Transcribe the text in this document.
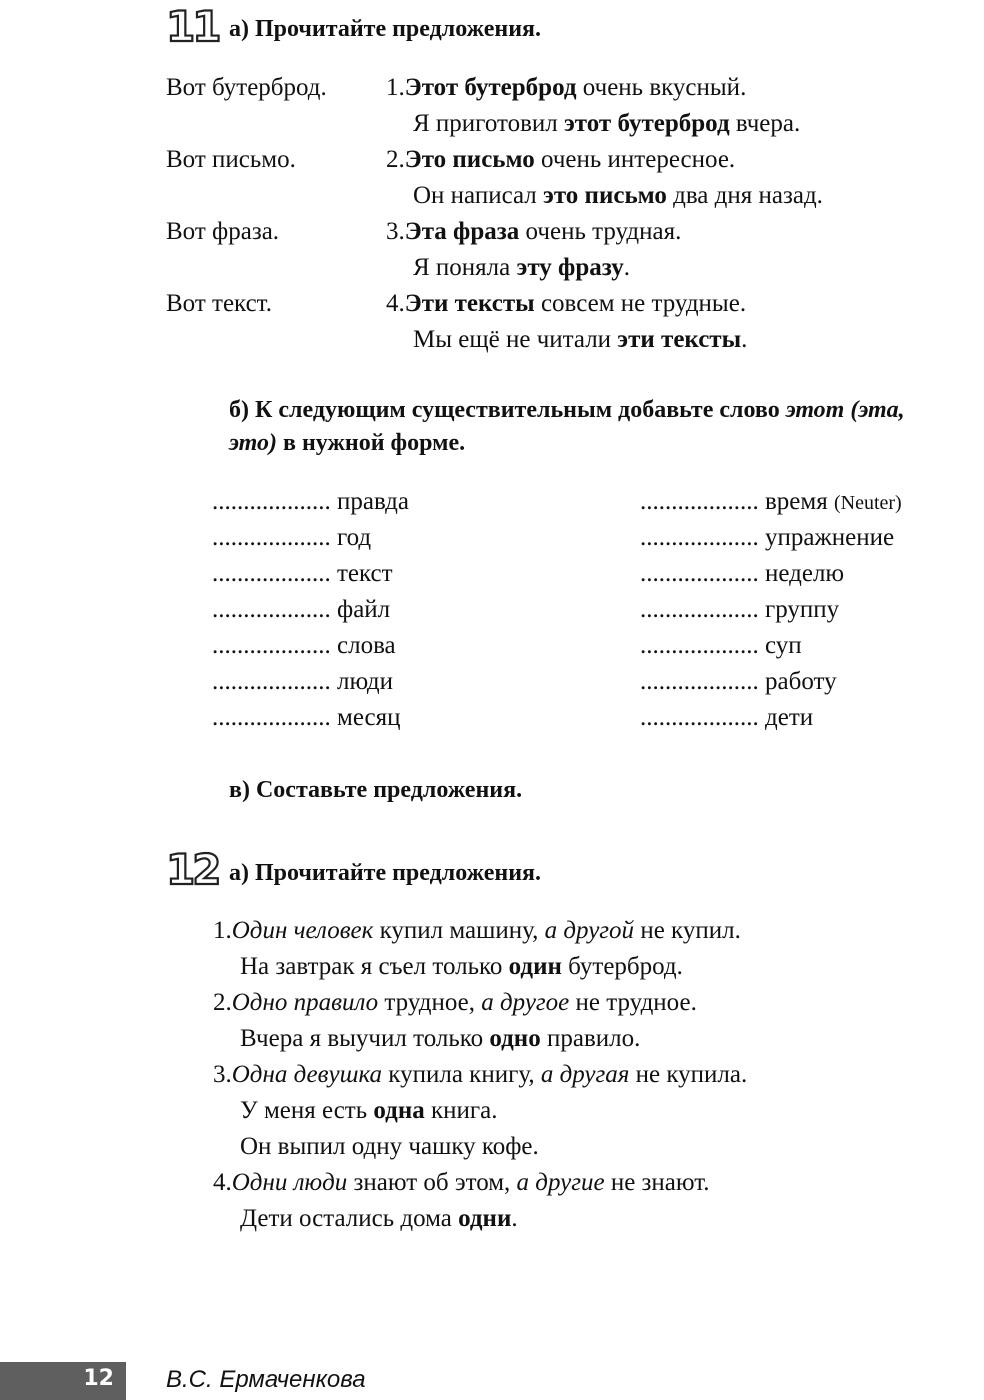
11 а) Прочитайте предложения.
Вот бутерброд.
Вот письмо.
Вот фраза.
Вот текст.
1.Этот бутерброд очень вкусный.
Я приготовил этот бутерброд вчера.
2.Это письмо очень интересное.
Он написал это письмо два дня назад.
3.Эта фраза очень трудная.
Я поняла эту фразу.
4.Эти тексты совсем не трудные.
Мы ещё не читали эти тексты.
б) К следующим существительным добавьте слово этот (эта,
это) в нужной форме.
................... правда
................... год
................... текст
................... файл
................... слова
................... люди
................... месяц
................... время (Neuter)
................... упражнение
................... неделю
................... группу
................... суп
................... работу
................... дети
в) Составьте предложения.
12 а) Прочитайте предложения.
1.Один человек купил машину, а другой не купил.
На завтрак я съел только один бутерброд.
2.Одно правило трудное, а другое не трудное.
Вчера я выучил только одно правило.
3.Одна девушка купила книгу, а другая не купила.
У меня есть одна книга.
Он выпил одну чашку кофе.
4.Одни люди знают об этом, а другие не знают.
Дети остались дома одни.
12 В.С. Ермаченкова
